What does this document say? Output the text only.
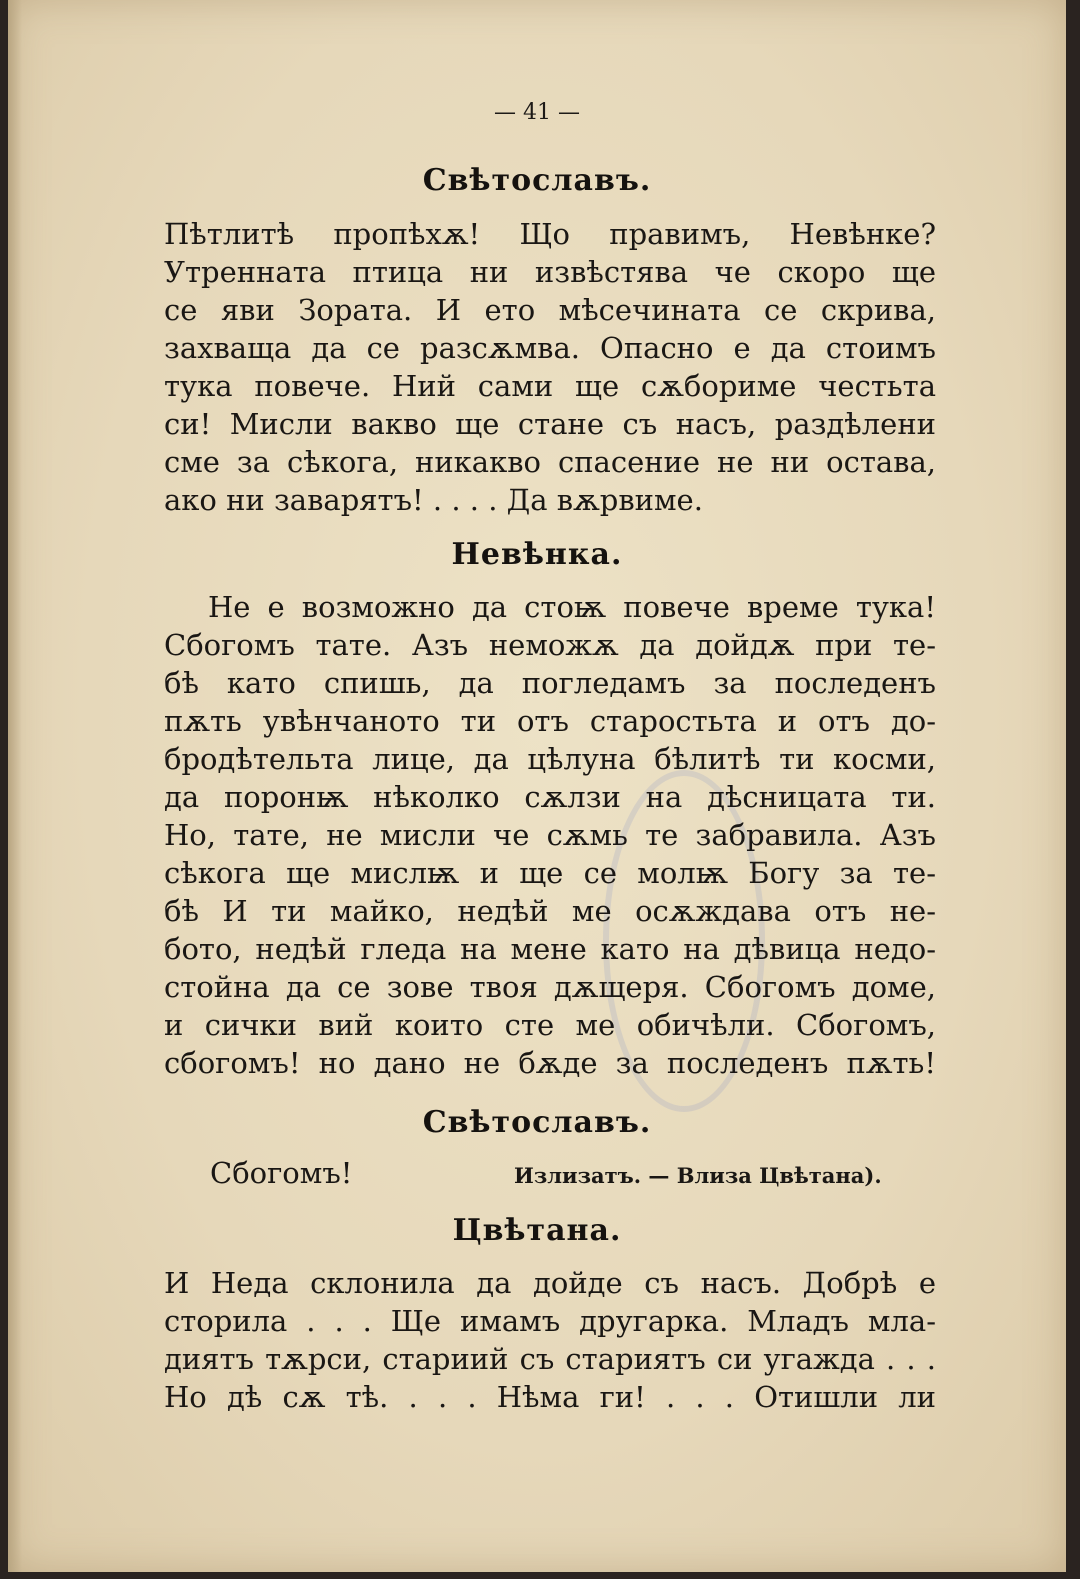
— 41 —
Свѣтославъ.
Пѣтлитѣ пропѣхѫ! Що правимъ, Невѣнке?
Утренната птица ни извѣстява че скоро ще
се яви Зората. И ето мѣсечината се скрива,
захваща да се разсѫмва. Опасно е да стоимъ
тука повече. Ний сами ще сѫбориме честьта
си! Мисли вакво ще стане съ насъ, раздѣлени
сме за сѣкога, никакво спасение не ни остава,
ако ни заварятъ! . . . . Да вѫрвиме.
Невѣнка.
Не е возможно да стоѭ повече време тука!
Сбогомъ тате. Азъ неможѫ да дойдѫ при те-
бѣ като спишь, да погледамъ за последенъ
пѫть увѣнчаното ти отъ старостьта и отъ до-
бродѣтельта лице, да цѣлуна бѣлитѣ ти косми,
да поронѭ нѣколко сѫлзи на дѣсницата ти.
Но, тате, не мисли че сѫмь те забравила. Азъ
сѣкога ще мислѭ и ще се молѭ Богу за те-
бѣ И ти майко, недѣй ме осѫждава отъ не-
бото, недѣй гледа на мене като на дѣвица недо-
стойна да се зове твоя дѫщеря. Сбогомъ доме,
и сички вий които сте ме обичѣли. Сбогомъ,
сбогомъ! но дано не бѫде за последенъ пѫть!
Свѣтославъ.
Сбогомъ!	Излизатъ. — Влиза Цвѣтана).
Цвѣтана.
И Неда склонила да дойде съ насъ. Добрѣ е
сторила . . . Ще имамъ другарка. Младъ мла-
диятъ тѫрси, стариий съ стариятъ си угажда . . .
Но дѣ сѫ тѣ. . . . Нѣма ги! . . . Отишли ли
